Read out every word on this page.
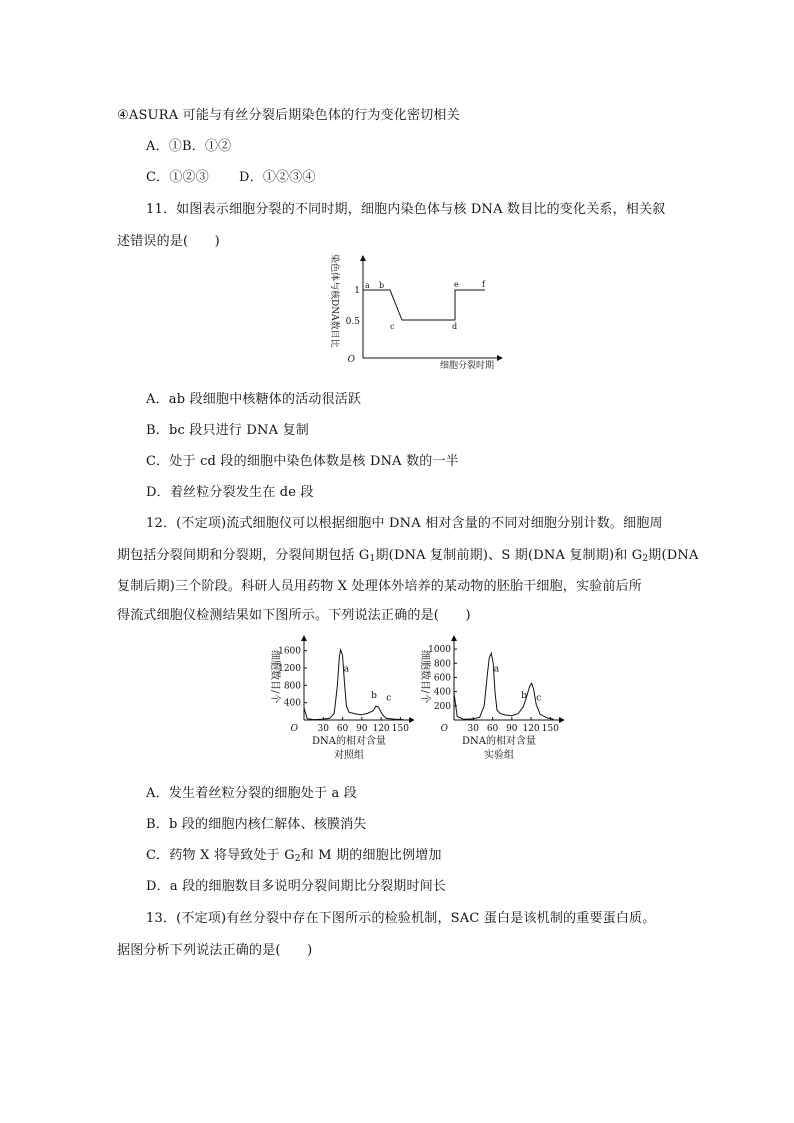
④ASURA 可能与有丝分裂后期染色体的行为变化密切相关
A．①B．①②
C．①②③ D．①②③④
11．如图表示细胞分裂的不同时期，细胞内染色体与核 DNA 数目比的变化关系，相关叙
述错误的是(　　)
染色体与核DNA数目比
O
1
0.5
a b
c	d
e	f
细胞分裂时期
A．ab 段细胞中核糖体的活动很活跃
B．bc 段只进行 DNA 复制
C．处于 cd 段的细胞中染色体数是核 DNA 数的一半
D．着丝粒分裂发生在 de 段
12．(不定项)流式细胞仪可以根据细胞中 DNA 相对含量的不同对细胞分别计数。细胞周
期包括分裂间期和分裂期，分裂间期包括 $G_1$期(DNA 复制前期)、S 期(DNA 复制期)和 $G_2$期(DNA
复制后期)三个阶段。科研人员用药物 X 处理体外培养的某动物的胚胎干细胞，实验前后所
得流式细胞仪检测结果如下图所示。下列说法正确的是(　　)
O
400
800
1200
1600
30 60 90 120 150
a
b c
细胞数目/个
DNA的相对含量
对照组
O
200
400
600
800
1000
30 60 90 120 150
a
b c
细胞数目/个
DNA的相对含量
实验组
A．发生着丝粒分裂的细胞处于 a 段
B．b 段的细胞内核仁解体、核膜消失
C．药物 X 将导致处于 $G_2$和 M 期的细胞比例增加
D．a 段的细胞数目多说明分裂间期比分裂期时间长
13．(不定项)有丝分裂中存在下图所示的检验机制，SAC 蛋白是该机制的重要蛋白质。
据图分析下列说法正确的是(　　)
